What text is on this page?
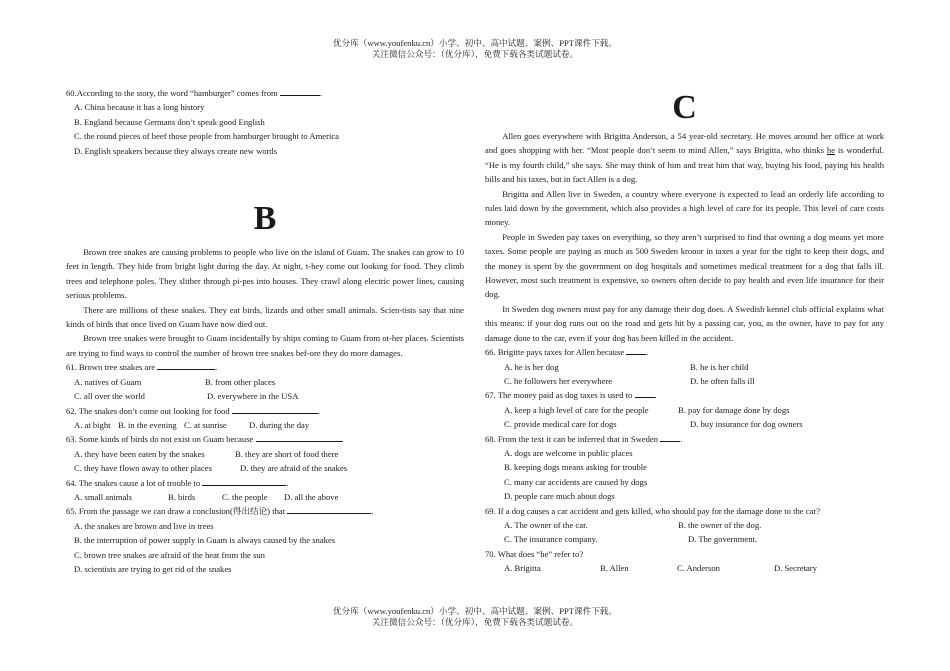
优分库（www.youfenku.cn）小学、初中、高中试题、案例、PPT课件下载。
关注微信公众号：（优分库），免费下载各类试题试卷。
60.According to the story, the word “hamburger” comes from	.
A. China because it has a long history
B. England because Germans don’t speak good English
C. the round pieces of beef those people from hamburger brought to America
D. English speakers because they always create new words
B

Brown tree snakes are causing problems to people who live on the island of Guam. The snakes can grow to 10 feet in length. They hide from bright light during the day. At night, t-hey come out looking for food. They climb trees and telephone poles. They slither through pi-pes into houses. They crawl along electric power lines, causing serious problems.

There are millions of these snakes. They eat birds, lizards and other small animals. Scien-tists say that nine kinds of birds that once lived on Guam have now died out.

Brown tree snakes were brought to Guam incidentally by ships coming to Guam from ot-her places. Scientists are trying to find ways to control the number of brown tree snakes bef-ore they do more damages.

61. Brown tree snakes are	.
A. natives of Guam	B. from other places
C. all over the world	D. everywhere in the USA
62. The snakes don’t come out looking for food	.
A. at bight B. in the evening C. at sunrise	D. during the day
63. Some kinds of birds do not exist on Guam because	.
A. they have been eaten by the snakes	B. they are short of food there
C. they have flown away to other places	D. they are afraid of the snakes
64. The snakes cause a lot of trouble to	.
A. small animals	B. birds	C. the people	D. all the above
65. From the passage we can draw a conclusion(得出结论) that	.
A. the snakes are brown and live in trees
B. the interruption of power supply in Guam is always caused by the snakes
C. brown tree snakes are afraid of the heat from the sun
D. scientists are trying to get rid of the snakes
C

Allen goes everywhere with Brigitta Anderson, a 54 year-old secretary. He moves around her office at work and goes shopping with her. “Most people don’t seem to mind Allen,” says Brigitta, who thinks he is wonderful. “He is my fourth child,” she says. She may think of him and treat him that way, buying his food, paying his health bills and his taxes, but in fact Allen is a dog.

Brigitta and Allen live in Sweden, a country where everyone is expected to lead an orderly life according to rules laid down by the government, which also provides a high level of care for its people. This level of care costs money.

People in Sweden pay taxes on everything, so they aren’t surprised to find that owning a dog means yet more taxes. Some people are paying as much as 500 Sweden kronor in taxes a year for the right to keep their dogs, and the money is spent by the government on dog hospitals and sometimes medical treatment for a dog that falls ill. However, most such treatment is expensive, so owners often decide to pay health and even life insurance for their dog.

In Sweden dog owners must pay for any damage their dog does. A Swedish kennel club official explains what this means: if your dog runs out on the road and gets hit by a passing car, you, as the owner, have to pay for any damage done to the car, even if your dog has been killed in the accident.

66. Brigitte pays taxes for Allen because .
A. he is her dog	B. he is her child
C. he followers her everywhere	D. he often falls ill
67. The money paid as dog taxes is used to .
A. keep a high level of care for the people	B. pay for damage done by dogs
C. provide medical care for dogs	D. buy insurance for dog owners
68. From the text it can be inferred that in Sweden .
A. dogs are welcome in public places
B. keeping dogs means asking for trouble
C. many car accidents are caused by dogs
D. people care much about dogs
69. If a dog causes a car accident and gets killed, who should pay for the damage done to the car?
A. The owner of the car.	B. the owner of the dog.
C. The insurance company.	D. The government.
70. What does “he” refer to?
A. Brigitta	B. Allen	C. Anderson	D. Secretary
优分库（www.youfenku.cn）小学、初中、高中试题、案例、PPT课件下载。
关注微信公众号：（优分库），免费下载各类试题试卷。
